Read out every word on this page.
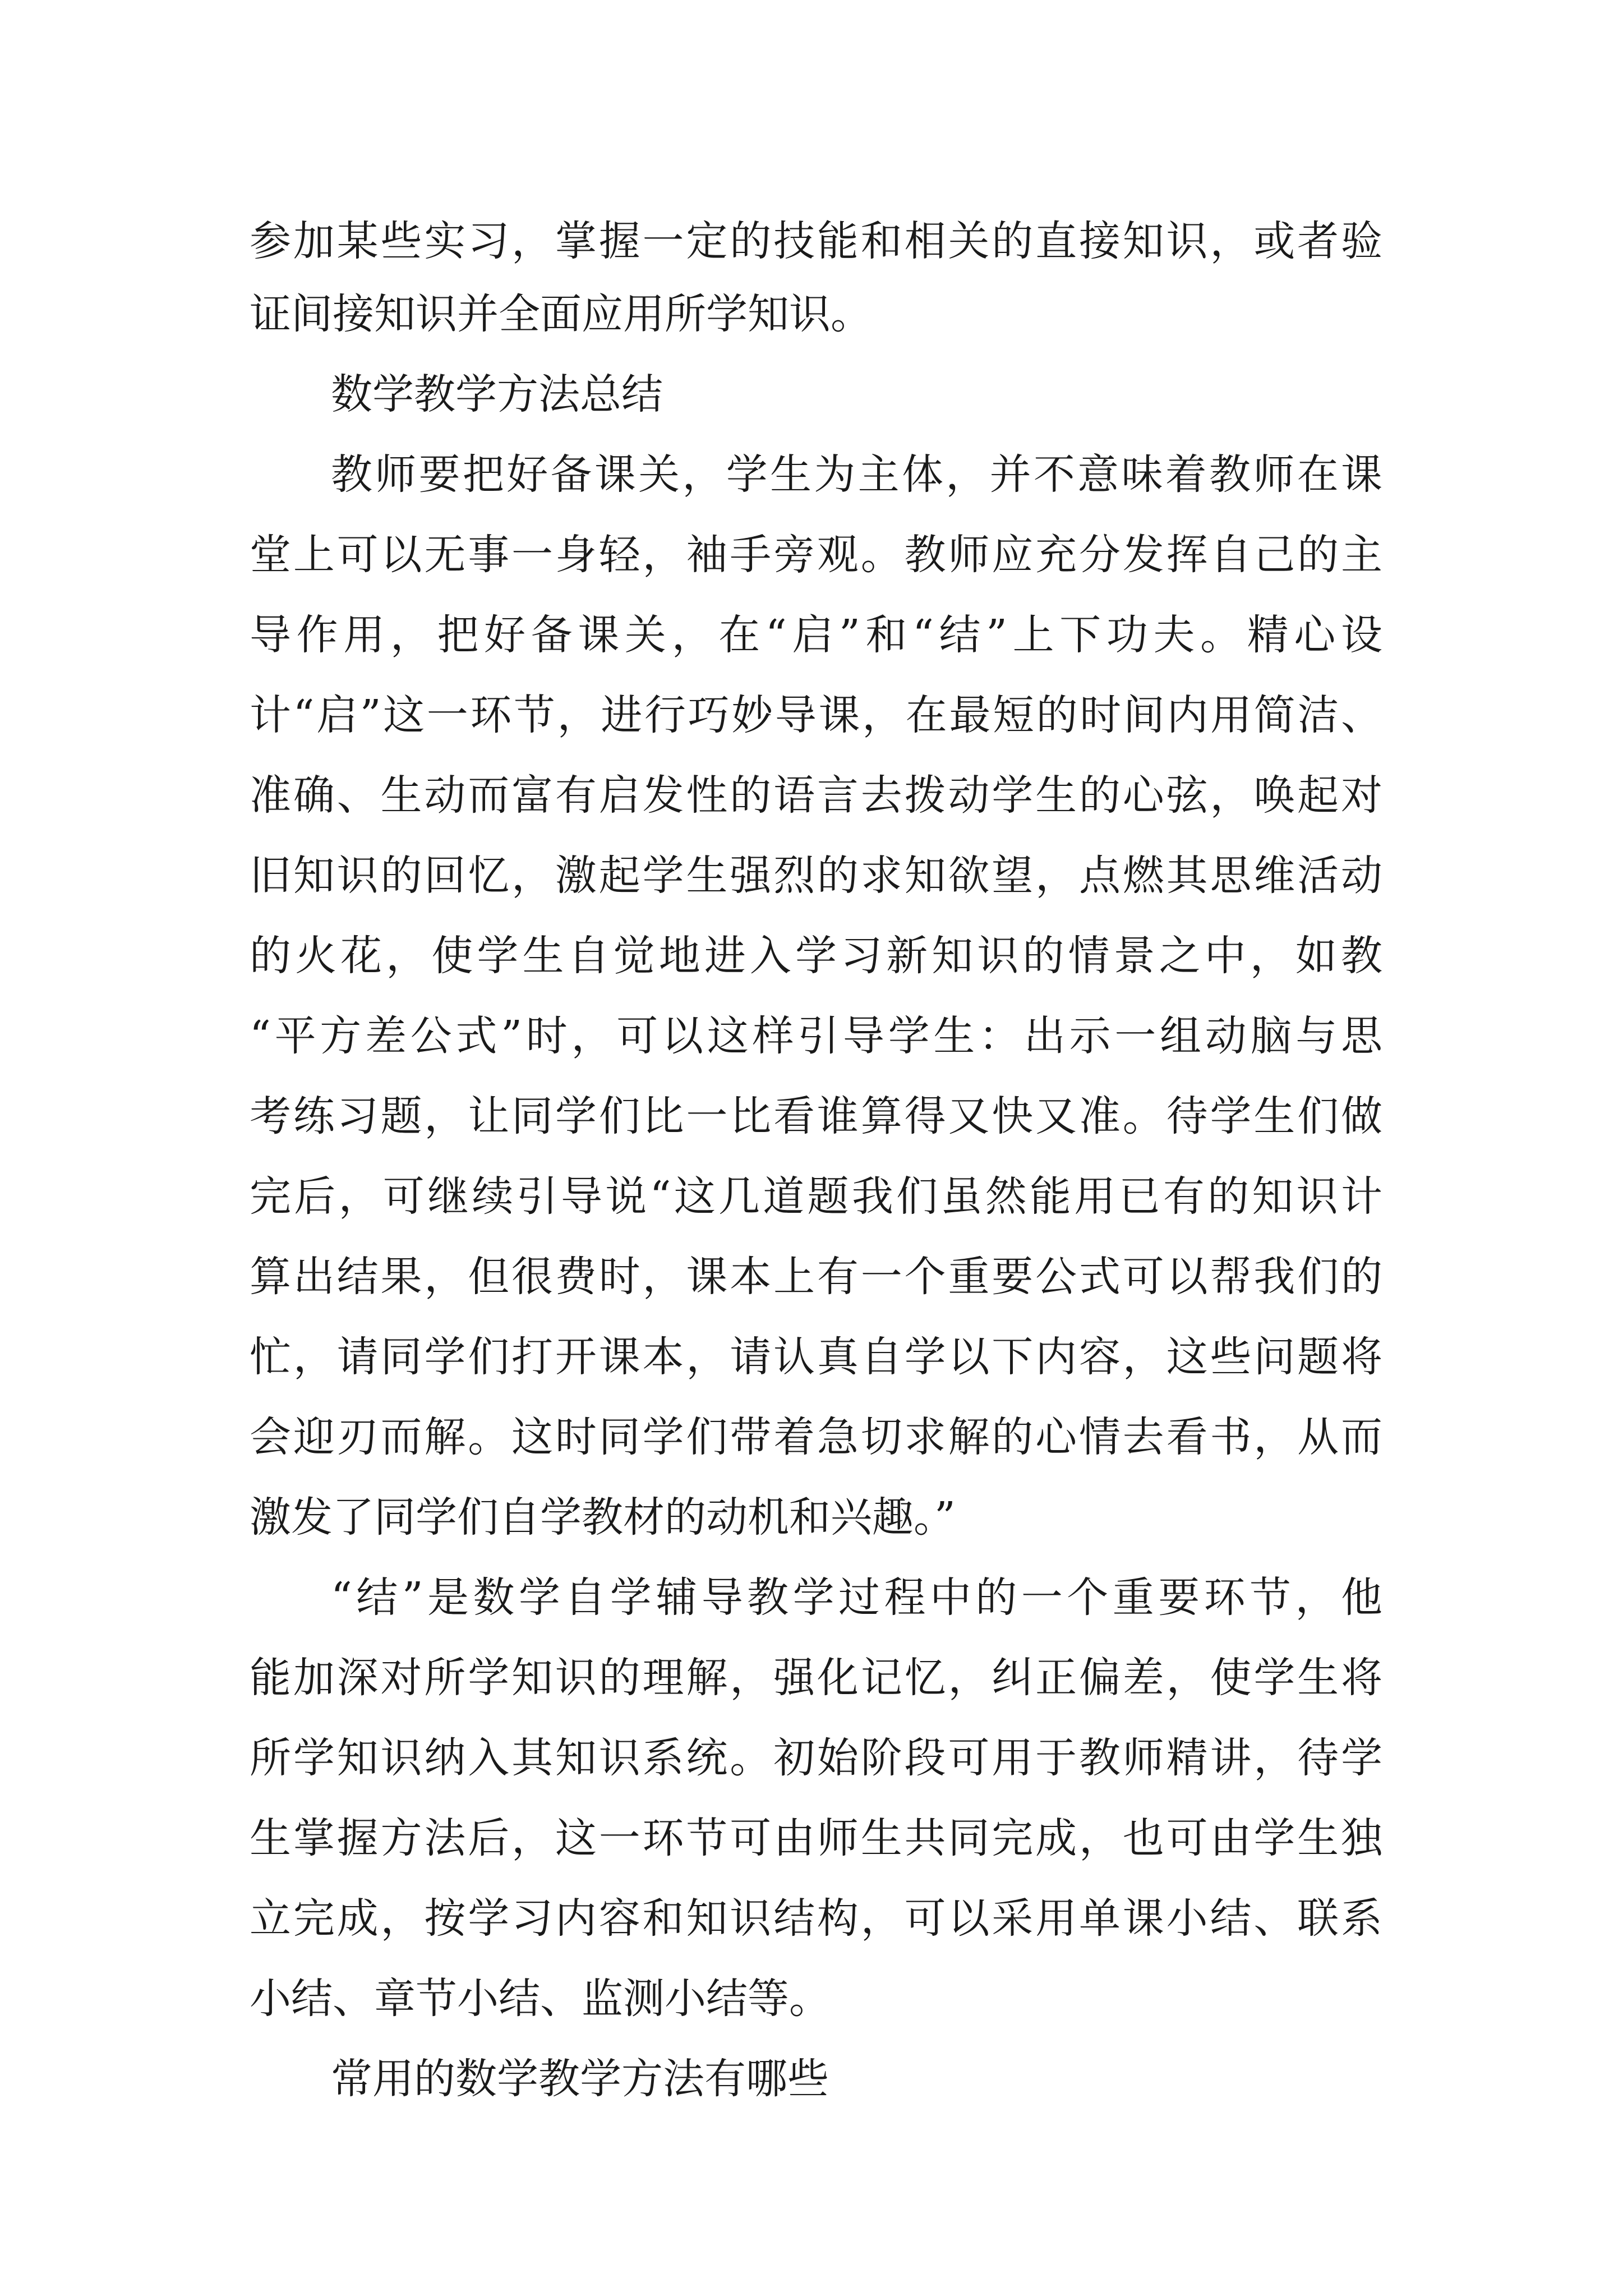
参加某些实习，掌握一定的技能和相关的直接知识，或者验
证间接知识并全面应用所学知识。
数学教学方法总结
教师要把好备课关，学生为主体，并不意味着教师在课
堂上可以无事一身轻，袖手旁观。教师应充分发挥自己的主
导作用，把好备课关，在“启”和“结”上下功夫。精心设
计“启”这一环节，进行巧妙导课，在最短的时间内用简洁、
准确、生动而富有启发性的语言去拨动学生的心弦，唤起对
旧知识的回忆，激起学生强烈的求知欲望，点燃其思维活动
的火花，使学生自觉地进入学习新知识的情景之中，如教
“平方差公式”时，可以这样引导学生：出示一组动脑与思
考练习题，让同学们比一比看谁算得又快又准。待学生们做
完后，可继续引导说“这几道题我们虽然能用已有的知识计
算出结果，但很费时，课本上有一个重要公式可以帮我们的
忙，请同学们打开课本，请认真自学以下内容，这些问题将
会迎刃而解。这时同学们带着急切求解的心情去看书，从而
激发了同学们自学教材的动机和兴趣。”
“结”是数学自学辅导教学过程中的一个重要环节，他
能加深对所学知识的理解，强化记忆，纠正偏差，使学生将
所学知识纳入其知识系统。初始阶段可用于教师精讲，待学
生掌握方法后，这一环节可由师生共同完成，也可由学生独
立完成，按学习内容和知识结构，可以采用单课小结、联系
小结、章节小结、监测小结等。
常用的数学教学方法有哪些
